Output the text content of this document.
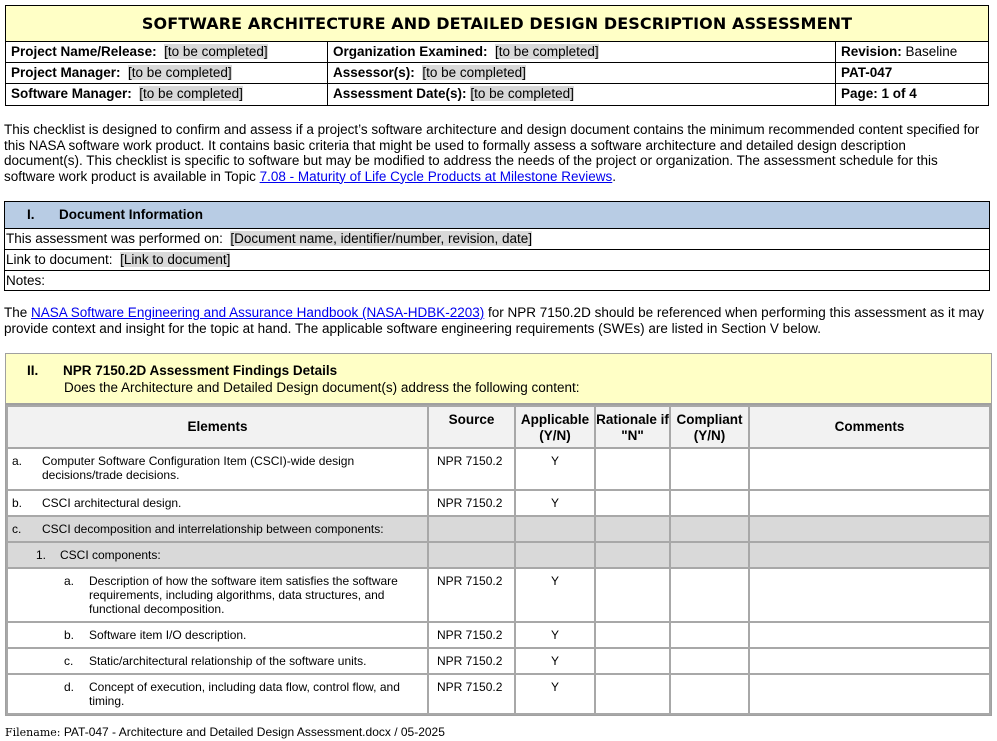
SOFTWARE ARCHITECTURE AND DETAILED DESIGN DESCRIPTION ASSESSMENT
Project Name/Release: [to be completed]	Organization Examined: [to be completed]	Revision: Baseline
Project Manager: [to be completed]	Assessor(s): [to be completed]	PAT-047
Software Manager: [to be completed]	Assessment Date(s): [to be completed]	Page: 1 of 4

This checklist is designed to confirm and assess if a project’s software architecture and design document contains the minimum recommended content specified for this NASA software work product. It contains basic criteria that might be used to formally assess a software architecture and detailed design description document(s). This checklist is specific to software but may be modified to address the needs of the project or organization. The assessment schedule for this software work product is available in Topic 7.08 - Maturity of Life Cycle Products at Milestone Reviews.

I. Document Information
This assessment was performed on: [Document name, identifier/number, revision, date]
Link to document: [Link to document]
Notes:

The NASA Software Engineering and Assurance Handbook (NASA-HDBK-2203) for NPR 7150.2D should be referenced when performing this assessment as it may provide context and insight for the topic at hand. The applicable software engineering requirements (SWEs) are listed in Section V below.

II. NPR 7150.2D Assessment Findings Details
Does the Architecture and Detailed Design document(s) address the following content:
Elements	Source	Applicable (Y/N)	Rationale if "N"	Compliant (Y/N)	Comments

a. Computer Software Configuration Item (CSCI)-wide design decisions/trade decisions.	NPR 7150.2	Y			

b. CSCI architectural design.	NPR 7150.2	Y			

c. CSCI decomposition and interrelationship between components:					

1. CSCI components:					

a. Description of how the software item satisfies the software requirements, including algorithms, data structures, and functional decomposition.	NPR 7150.2	Y			

b. Software item I/O description.	NPR 7150.2	Y			

c. Static/architectural relationship of the software units.	NPR 7150.2	Y			

d. Concept of execution, including data flow, control flow, and timing.	NPR 7150.2	Y			
Filename: PAT-047 - Architecture and Detailed Design Assessment.docx / 05-2025
